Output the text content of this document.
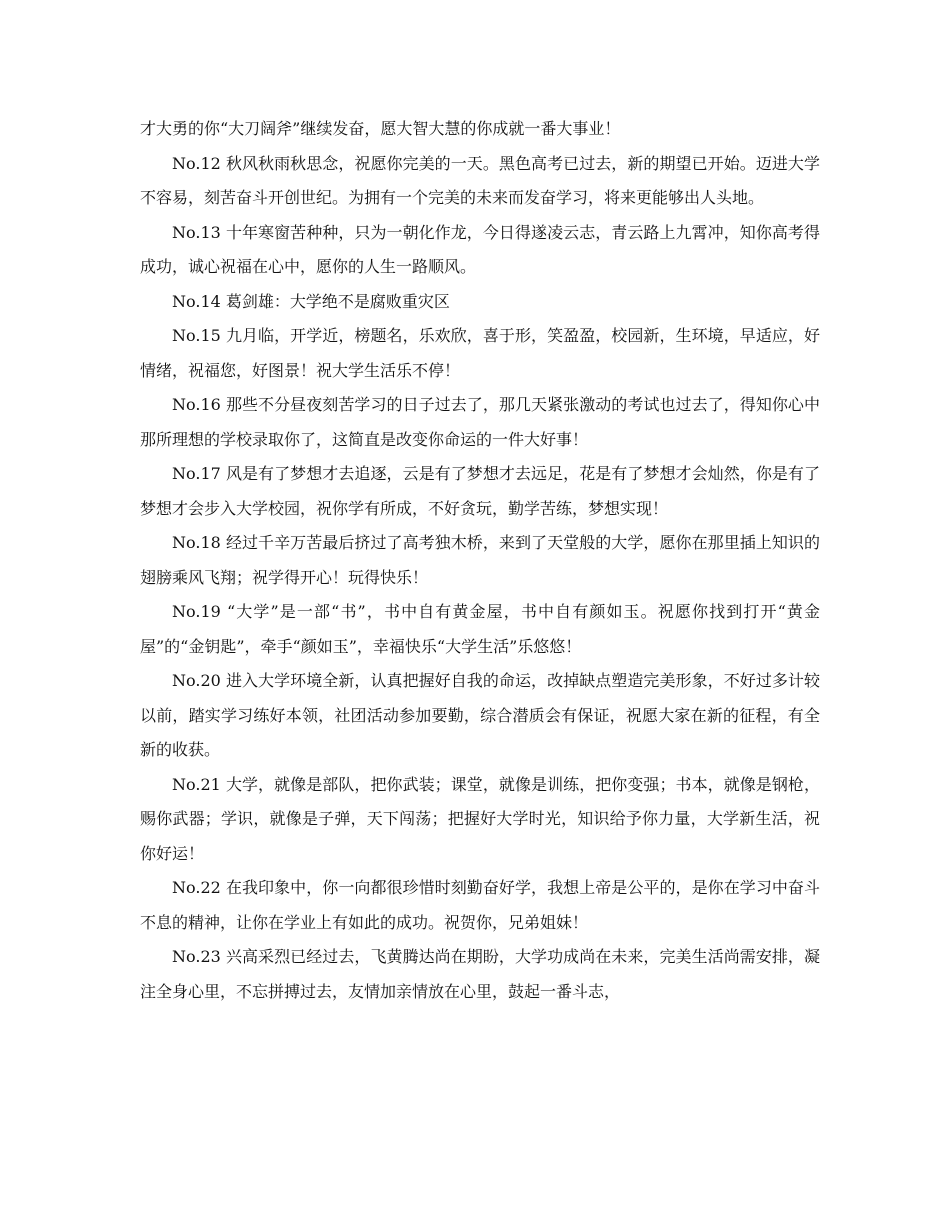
才大勇的你“大刀阔斧”继续发奋，愿大智大慧的你成就一番大事业！

No.12 秋风秋雨秋思念，祝愿你完美的一天。黑色高考已过去，新的期望已开始。迈进大学不容易，刻苦奋斗开创世纪。为拥有一个完美的未来而发奋学习，将来更能够出人头地。

No.13 十年寒窗苦种种，只为一朝化作龙，今日得遂凌云志，青云路上九霄冲，知你高考得成功，诚心祝福在心中，愿你的人生一路顺风。

No.14 葛剑雄：大学绝不是腐败重灾区

No.15 九月临，开学近，榜题名，乐欢欣，喜于形，笑盈盈，校园新，生环境，早适应，好情绪，祝福您，好图景！祝大学生活乐不停！

No.16 那些不分昼夜刻苦学习的日子过去了，那几天紧张激动的考试也过去了，得知你心中那所理想的学校录取你了，这简直是改变你命运的一件大好事！

No.17 风是有了梦想才去追逐，云是有了梦想才去远足，花是有了梦想才会灿然，你是有了梦想才会步入大学校园，祝你学有所成，不好贪玩，勤学苦练，梦想实现！

No.18 经过千辛万苦最后挤过了高考独木桥，来到了天堂般的大学，愿你在那里插上知识的翅膀乘风飞翔；祝学得开心！玩得快乐！

No.19 “大学”是一部“书”，书中自有黄金屋，书中自有颜如玉。祝愿你找到打开“黄金屋”的“金钥匙”，牵手“颜如玉”，幸福快乐“大学生活”乐悠悠！

No.20 进入大学环境全新，认真把握好自我的命运，改掉缺点塑造完美形象，不好过多计较以前，踏实学习练好本领，社团活动参加要勤，综合潜质会有保证，祝愿大家在新的征程，有全新的收获。

No.21 大学，就像是部队，把你武装；课堂，就像是训练，把你变强；书本，就像是钢枪，赐你武器；学识，就像是子弹，天下闯荡；把握好大学时光，知识给予你力量，大学新生活，祝你好运！

No.22 在我印象中，你一向都很珍惜时刻勤奋好学，我想上帝是公平的，是你在学习中奋斗不息的精神，让你在学业上有如此的成功。祝贺你，兄弟姐妹！

No.23 兴高采烈已经过去，飞黄腾达尚在期盼，大学功成尚在未来，完美生活尚需安排，凝注全身心里，不忘拼搏过去，友情加亲情放在心里，鼓起一番斗志，
